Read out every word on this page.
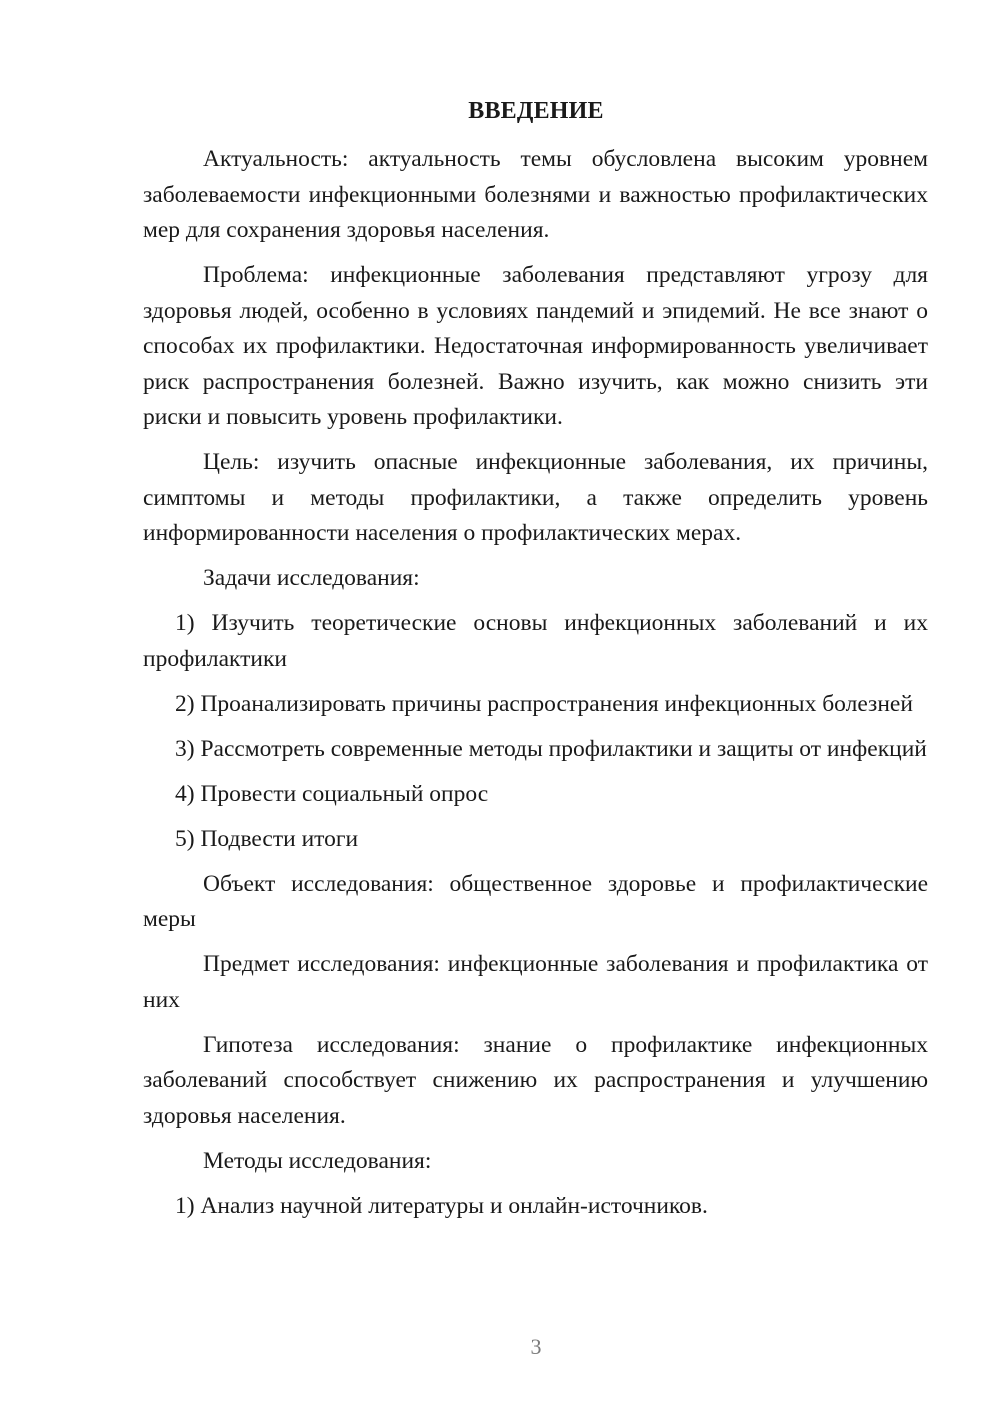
ВВЕДЕНИЕ

Актуальность: актуальность темы обусловлена высоким уровнем заболеваемости инфекционными болезнями и важностью профилактических мер для сохранения здоровья населения.

Проблема: инфекционные заболевания представляют угрозу для здоровья людей, особенно в условиях пандемий и эпидемий. Не все знают о способах их профилактики. Недостаточная информированность увеличивает риск распространения болезней. Важно изучить, как можно снизить эти риски и повысить уровень профилактики.

Цель: изучить опасные инфекционные заболевания, их причины, симптомы и методы профилактики, а также определить уровень информированности населения о профилактических мерах.

Задачи исследования:

1) Изучить теоретические основы инфекционных заболеваний и их профилактики

2) Проанализировать причины распространения инфекционных болезней

3) Рассмотреть современные методы профилактики и защиты от инфекций

4) Провести социальный опрос

5) Подвести итоги

Объект исследования: общественное здоровье и профилактические меры

Предмет исследования: инфекционные заболевания и профилактика от них

Гипотеза исследования: знание о профилактике инфекционных заболеваний способствует снижению их распространения и улучшению здоровья населения.

Методы исследования:

1) Анализ научной литературы и онлайн-источников.

3
